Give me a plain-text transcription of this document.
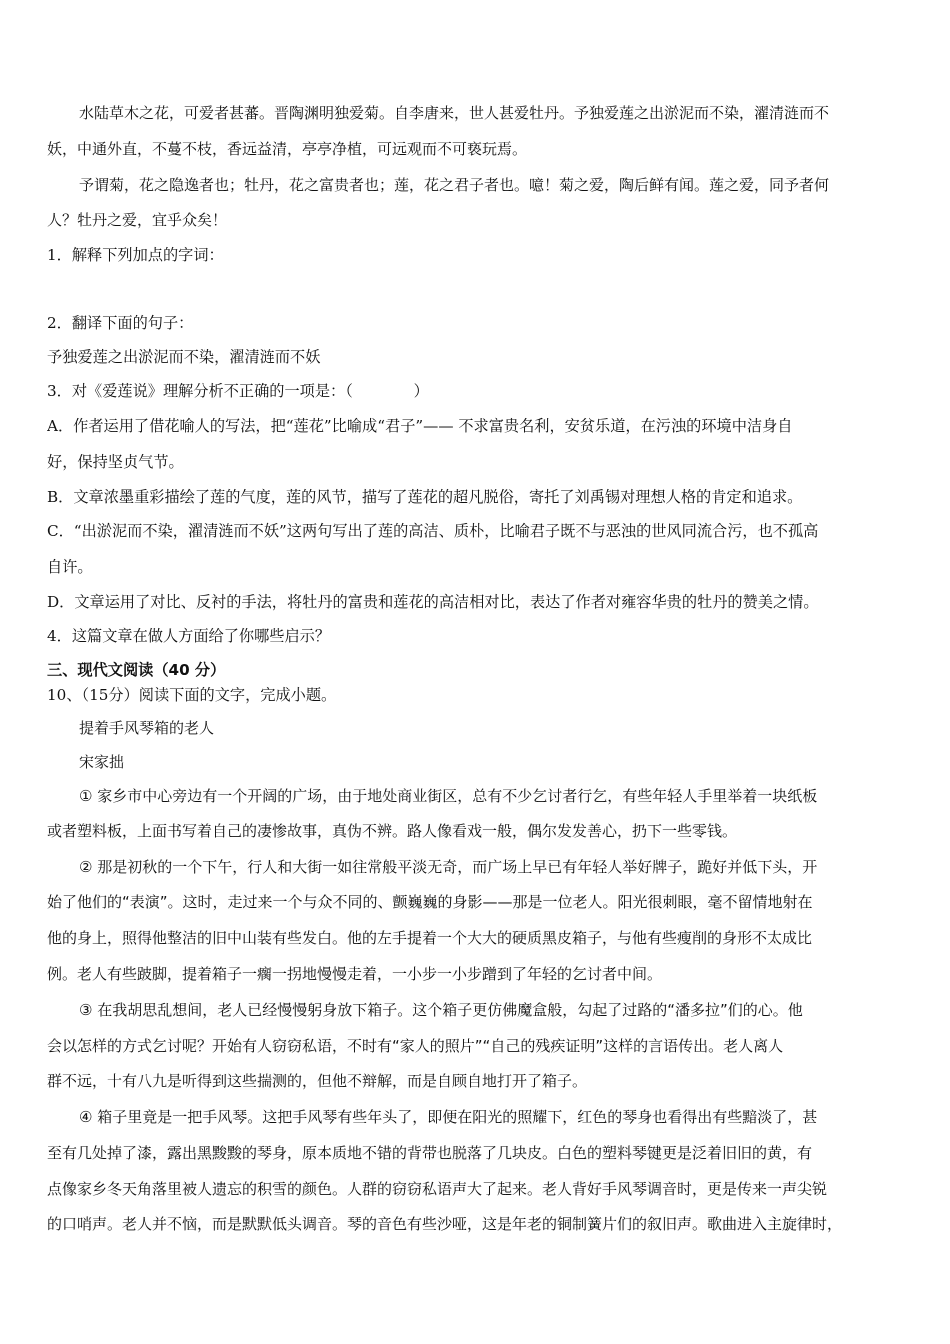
水陆草木之花，可爱者甚蕃。晋陶渊明独爱菊。自李唐来，世人甚爱牡丹。予独爱莲之出淤泥而不染，濯清涟而不
妖，中通外直，不蔓不枝，香远益清，亭亭净植，可远观而不可亵玩焉。
予谓菊，花之隐逸者也；牡丹，花之富贵者也；莲，花之君子者也。噫！菊之爱，陶后鲜有闻。莲之爱，同予者何
人？牡丹之爱，宜乎众矣！
1．解释下列加点的字词：
2．翻译下面的句子：
予独爱莲之出淤泥而不染，濯清涟而不妖
3．对《爱莲说》理解分析不正确的一项是：（　　　　）
A．作者运用了借花喻人的写法，把“莲花”比喻成“君子”—— 不求富贵名利，安贫乐道，在污浊的环境中洁身自
好，保持坚贞气节。
B．文章浓墨重彩描绘了莲的气度，莲的风节，描写了莲花的超凡脱俗，寄托了刘禹锡对理想人格的肯定和追求。
C．“出淤泥而不染，濯清涟而不妖”这两句写出了莲的高洁、质朴，比喻君子既不与恶浊的世风同流合污，也不孤高
自许。
D．文章运用了对比、反衬的手法，将牡丹的富贵和莲花的高洁相对比，表达了作者对雍容华贵的牡丹的赞美之情。
4．这篇文章在做人方面给了你哪些启示？
三、现代文阅读（40 分）
10、（15分）阅读下面的文字，完成小题。
提着手风琴箱的老人
宋家拙
① 家乡市中心旁边有一个开阔的广场，由于地处商业街区，总有不少乞讨者行乞，有些年轻人手里举着一块纸板
或者塑料板，上面书写着自己的凄惨故事，真伪不辨。路人像看戏一般，偶尔发发善心，扔下一些零钱。
② 那是初秋的一个下午，行人和大街一如往常般平淡无奇，而广场上早已有年轻人举好牌子，跪好并低下头，开
始了他们的“表演”。这时，走过来一个与众不同的、颤巍巍的身影——那是一位老人。阳光很刺眼，毫不留情地射在
他的身上，照得他整洁的旧中山装有些发白。他的左手提着一个大大的硬质黑皮箱子，与他有些瘦削的身形不太成比
例。老人有些跛脚，提着箱子一瘸一拐地慢慢走着，一小步一小步蹭到了年轻的乞讨者中间。
③ 在我胡思乱想间，老人已经慢慢躬身放下箱子。这个箱子更仿佛魔盒般，勾起了过路的“潘多拉”们的心。他
会以怎样的方式乞讨呢？开始有人窃窃私语，不时有“家人的照片”“自己的残疾证明”这样的言语传出。老人离人
群不远，十有八九是听得到这些揣测的，但他不辩解，而是自顾自地打开了箱子。
④ 箱子里竟是一把手风琴。这把手风琴有些年头了，即便在阳光的照耀下，红色的琴身也看得出有些黯淡了，甚
至有几处掉了漆，露出黑黢黢的琴身，原本质地不错的背带也脱落了几块皮。白色的塑料琴键更是泛着旧旧的黄，有
点像家乡冬天角落里被人遗忘的积雪的颜色。人群的窃窃私语声大了起来。老人背好手风琴调音时，更是传来一声尖锐
的口哨声。老人并不恼，而是默默低头调音。琴的音色有些沙哑，这是年老的铜制簧片们的叙旧声。歌曲进入主旋律时，
